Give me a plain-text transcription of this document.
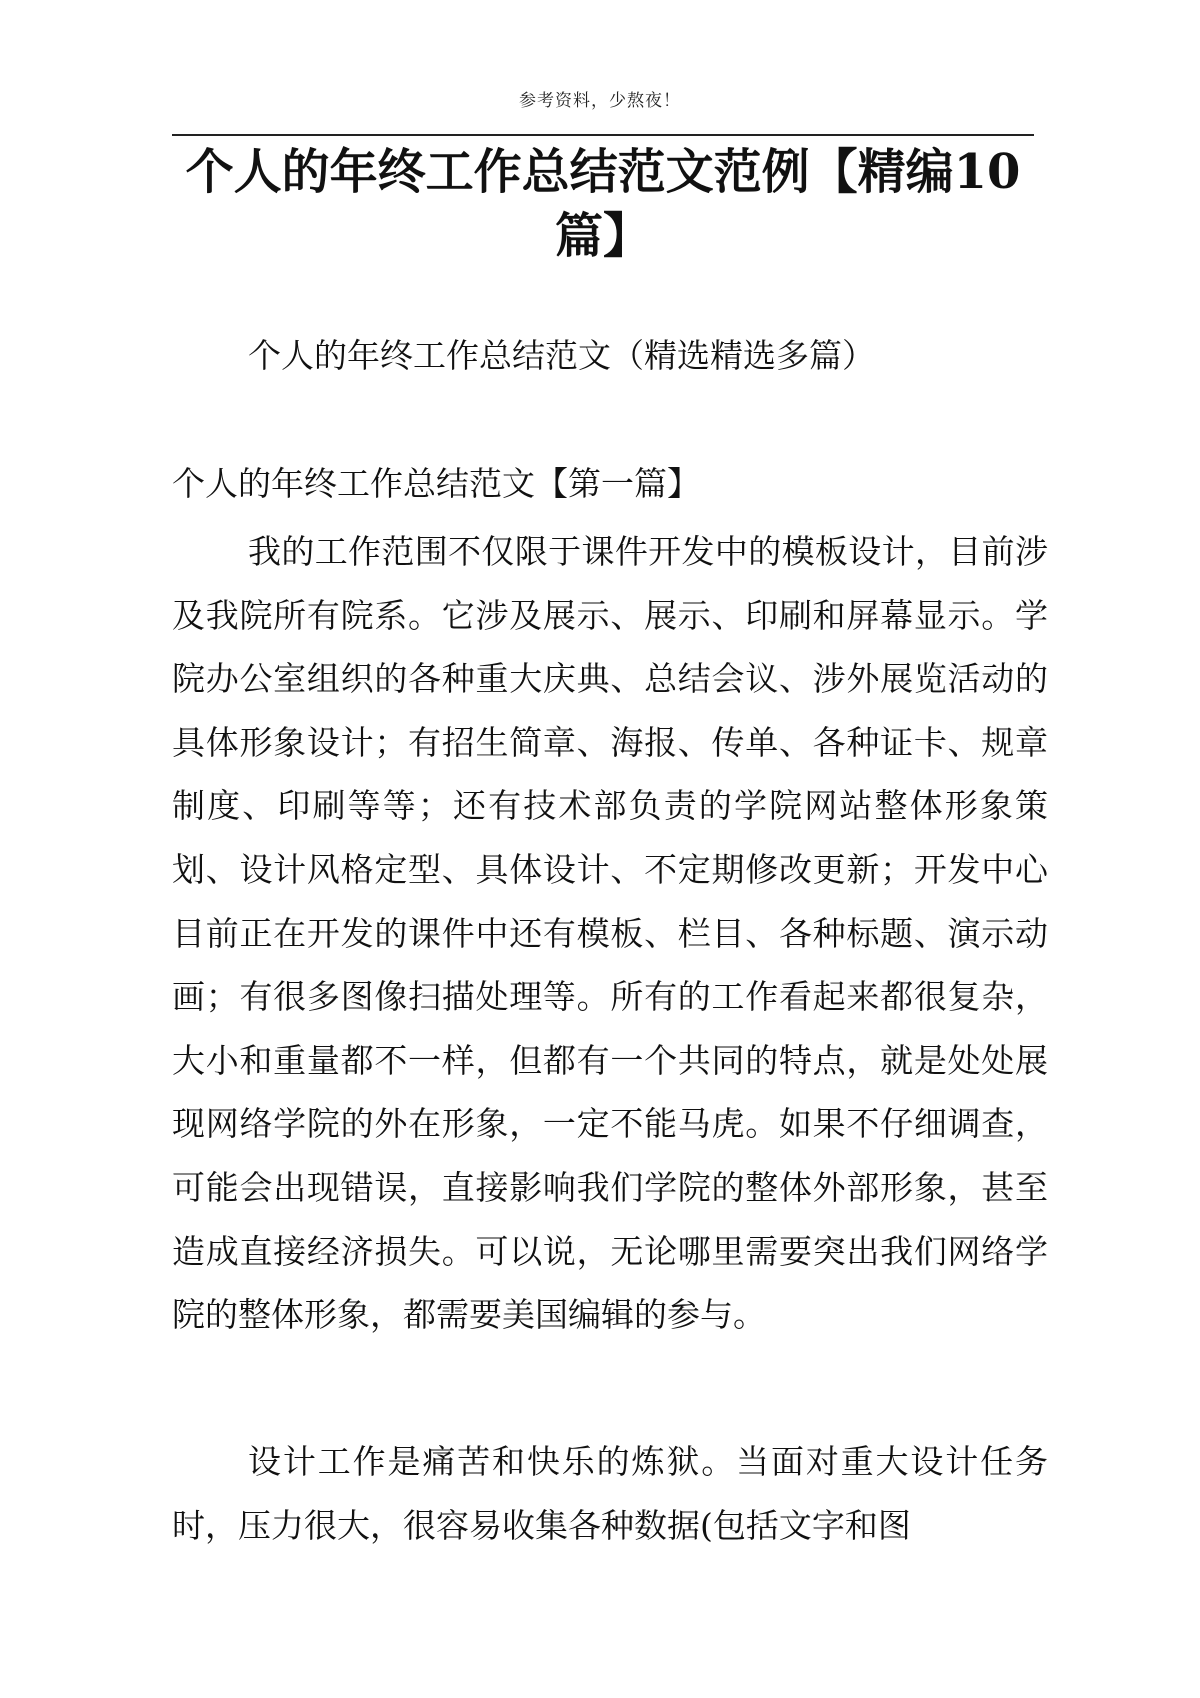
参考资料，少熬夜！
个人的年终工作总结范文范例【精编10篇】
个人的年终工作总结范文（精选精选多篇）
个人的年终工作总结范文【第一篇】

我的工作范围不仅限于课件开发中的模板设计，目前涉及我院所有院系。它涉及展示、展示、印刷和屏幕显示。学院办公室组织的各种重大庆典、总结会议、涉外展览活动的具体形象设计；有招生简章、海报、传单、各种证卡、规章制度、印刷等等；还有技术部负责的学院网站整体形象策划、设计风格定型、具体设计、不定期修改更新；开发中心目前正在开发的课件中还有模板、栏目、各种标题、演示动画；有很多图像扫描处理等。所有的工作看起来都很复杂，大小和重量都不一样，但都有一个共同的特点，就是处处展现网络学院的外在形象，一定不能马虎。如果不仔细调查，可能会出现错误，直接影响我们学院的整体外部形象，甚至造成直接经济损失。可以说，无论哪里需要突出我们网络学院的整体形象，都需要美国编辑的参与。

设计工作是痛苦和快乐的炼狱。当面对重大设计任务时，压力很大，很容易收集各种数据(包括文字和图
